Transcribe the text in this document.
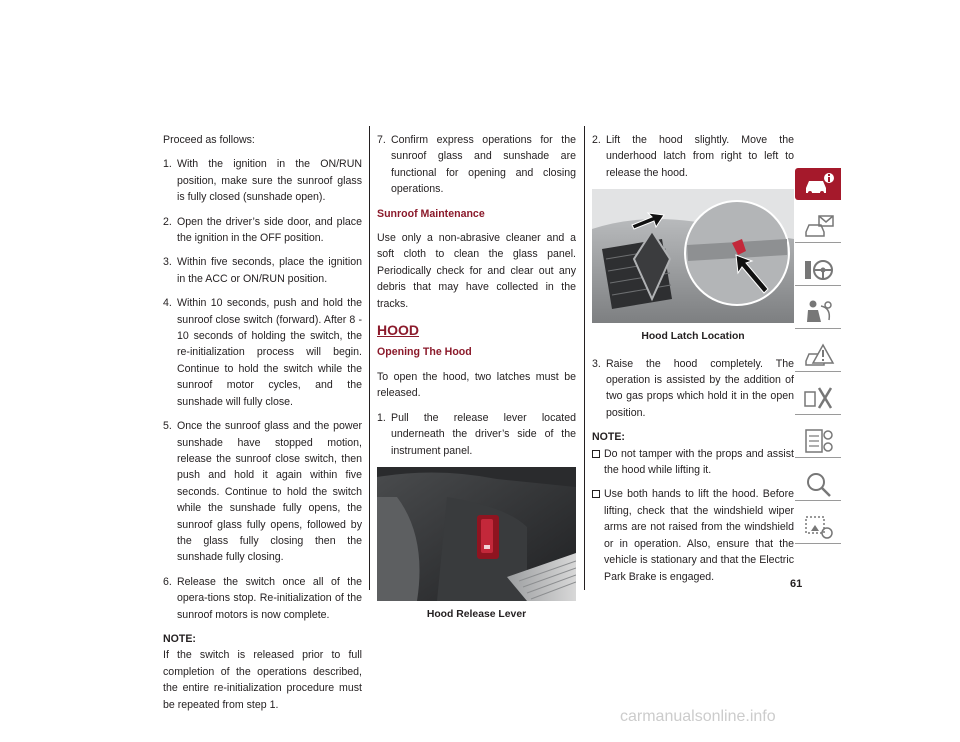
Proceed as follows:

1. With the ignition in the ON/RUN position, make sure the sunroof glass is fully closed (sunshade open).
2. Open the driver’s side door, and place the ignition in the OFF position.
3. Within five seconds, place the ignition in the ACC or ON/RUN position.
4. Within 10 seconds, push and hold the sunroof close switch (forward). After 8 - 10 seconds of holding the switch, the re-initialization process will begin. Continue to hold the switch while the sunroof motor cycles, and the sunshade will fully close.
5. Once the sunroof glass and the power sunshade have stopped motion, release the sunroof close switch, then push and hold it again within five seconds. Continue to hold the switch while the sunshade fully opens, the sunroof glass fully opens, followed by the glass fully closing then the sunshade fully closing.
6. Release the switch once all of the opera-tions stop. Re-initialization of the sunroof motors is now complete.

NOTE:

If the switch is released prior to full completion of the operations described, the entire re-initialization procedure must be repeated from step 1.

7. Confirm express operations for the sunroof glass and sunshade are functional for opening and closing operations.
Sunroof Maintenance

Use only a non-abrasive cleaner and a soft cloth to clean the glass panel. Periodically check for and clear out any debris that may have collected in the tracks.

HOOD
Opening The Hood

To open the hood, two latches must be released.

1. Pull the release lever located underneath the driver’s side of the instrument panel.
Hood Release Lever
2. Lift the hood slightly. Move the underhood latch from right to left to release the hood.
Hood Latch Location
3. Raise the hood completely. The operation is assisted by the addition of two gas props which hold it in the open position.

NOTE:

Do not tamper with the props and assist the hood while lifting it.
Use both hands to lift the hood. Before lifting, check that the windshield wiper arms are not raised from the windshield or in operation. Also, ensure that the vehicle is stationary and that the Electric Park Brake is engaged.
61
carmanualsonline.info
